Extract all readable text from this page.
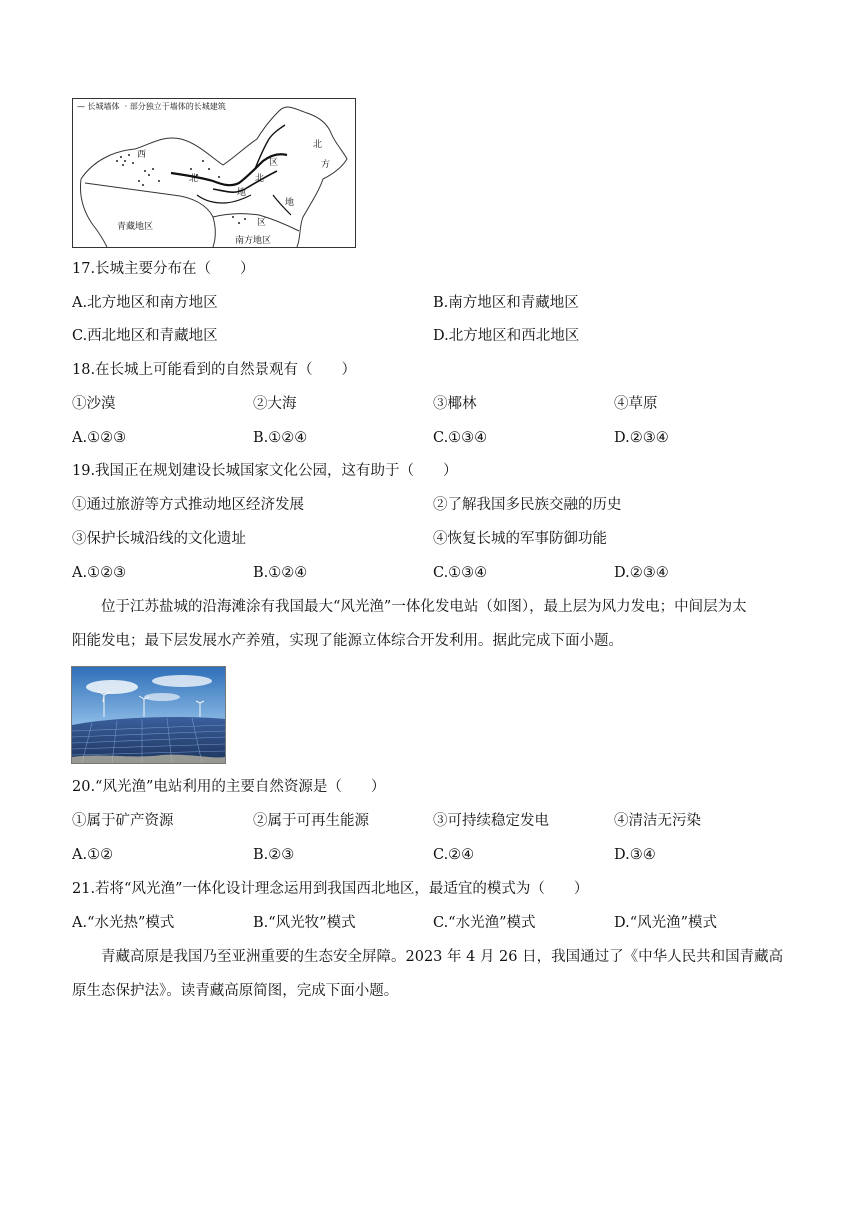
— 长城墙体 · 部分独立于墙体的长城建筑
西
北
北
方
区
北
地
地
区
青藏地区
南方地区
17.长城主要分布在（　　）
A.北方地区和南方地区	B.南方地区和青藏地区
C.西北地区和青藏地区	D.北方地区和西北地区
18.在长城上可能看到的自然景观有（　　）
①沙漠	②大海	③椰林	④草原
A.①②③	B.①②④	C.①③④	D.②③④
19.我国正在规划建设长城国家文化公园，这有助于（　　）
①通过旅游等方式推动地区经济发展	②了解我国多民族交融的历史
③保护长城沿线的文化遗址	④恢复长城的军事防御功能
A.①②③	B.①②④	C.①③④	D.②③④
位于江苏盐城的沿海滩涂有我国最大“风光渔”一体化发电站（如图），最上层为风力发电；中间层为太
阳能发电；最下层发展水产养殖，实现了能源立体综合开发利用。据此完成下面小题。
20.“风光渔”电站利用的主要自然资源是（　　）
①属于矿产资源	②属于可再生能源	③可持续稳定发电	④清洁无污染
A.①②	B.②③	C.②④	D.③④
21.若将“风光渔”一体化设计理念运用到我国西北地区，最适宜的模式为（　　）
A.“水光热”模式	B.“风光牧”模式	C.“水光渔”模式	D.“风光渔”模式
青藏高原是我国乃至亚洲重要的生态安全屏障。2023 年 4 月 26 日，我国通过了《中华人民共和国青藏高
原生态保护法》。读青藏高原简图，完成下面小题。
